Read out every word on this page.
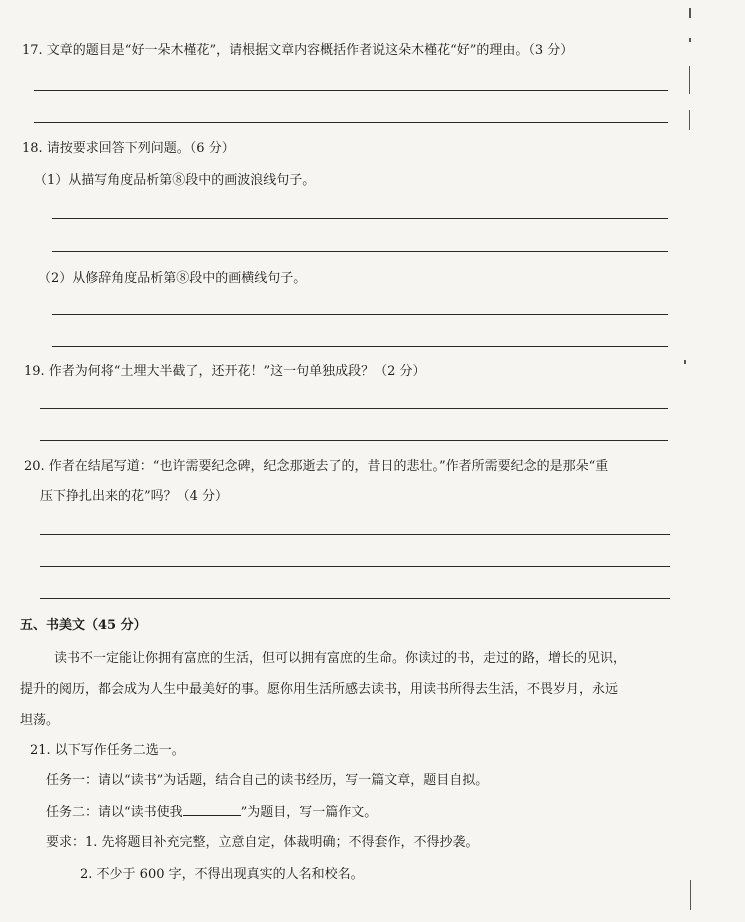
17. 文章的题目是“好一朵木槿花”，请根据文章内容概括作者说这朵木槿花“好”的理由。（3 分）
18. 请按要求回答下列问题。（6 分）
（1）从描写角度品析第⑧段中的画波浪线句子。
（2）从修辞角度品析第⑧段中的画横线句子。
19. 作者为何将“土埋大半截了，还开花！”这一句单独成段？（2 分）
20. 作者在结尾写道：“也许需要纪念碑，纪念那逝去了的，昔日的悲壮。”作者所需要纪念的是那朵“重
压下挣扎出来的花”吗？（4 分）
五、书美文（45 分）
读书不一定能让你拥有富庶的生活，但可以拥有富庶的生命。你读过的书，走过的路，增长的见识，
提升的阅历，都会成为人生中最美好的事。愿你用生活所感去读书，用读书所得去生活，不畏岁月，永远
坦荡。
21. 以下写作任务二选一。
任务一：请以“读书”为话题，结合自己的读书经历，写一篇文章，题目自拟。
任务二：请以“读书使我	”为题目，写一篇作文。
要求：1. 先将题目补充完整，立意自定，体裁明确；不得套作，不得抄袭。
2. 不少于 600 字，不得出现真实的人名和校名。
